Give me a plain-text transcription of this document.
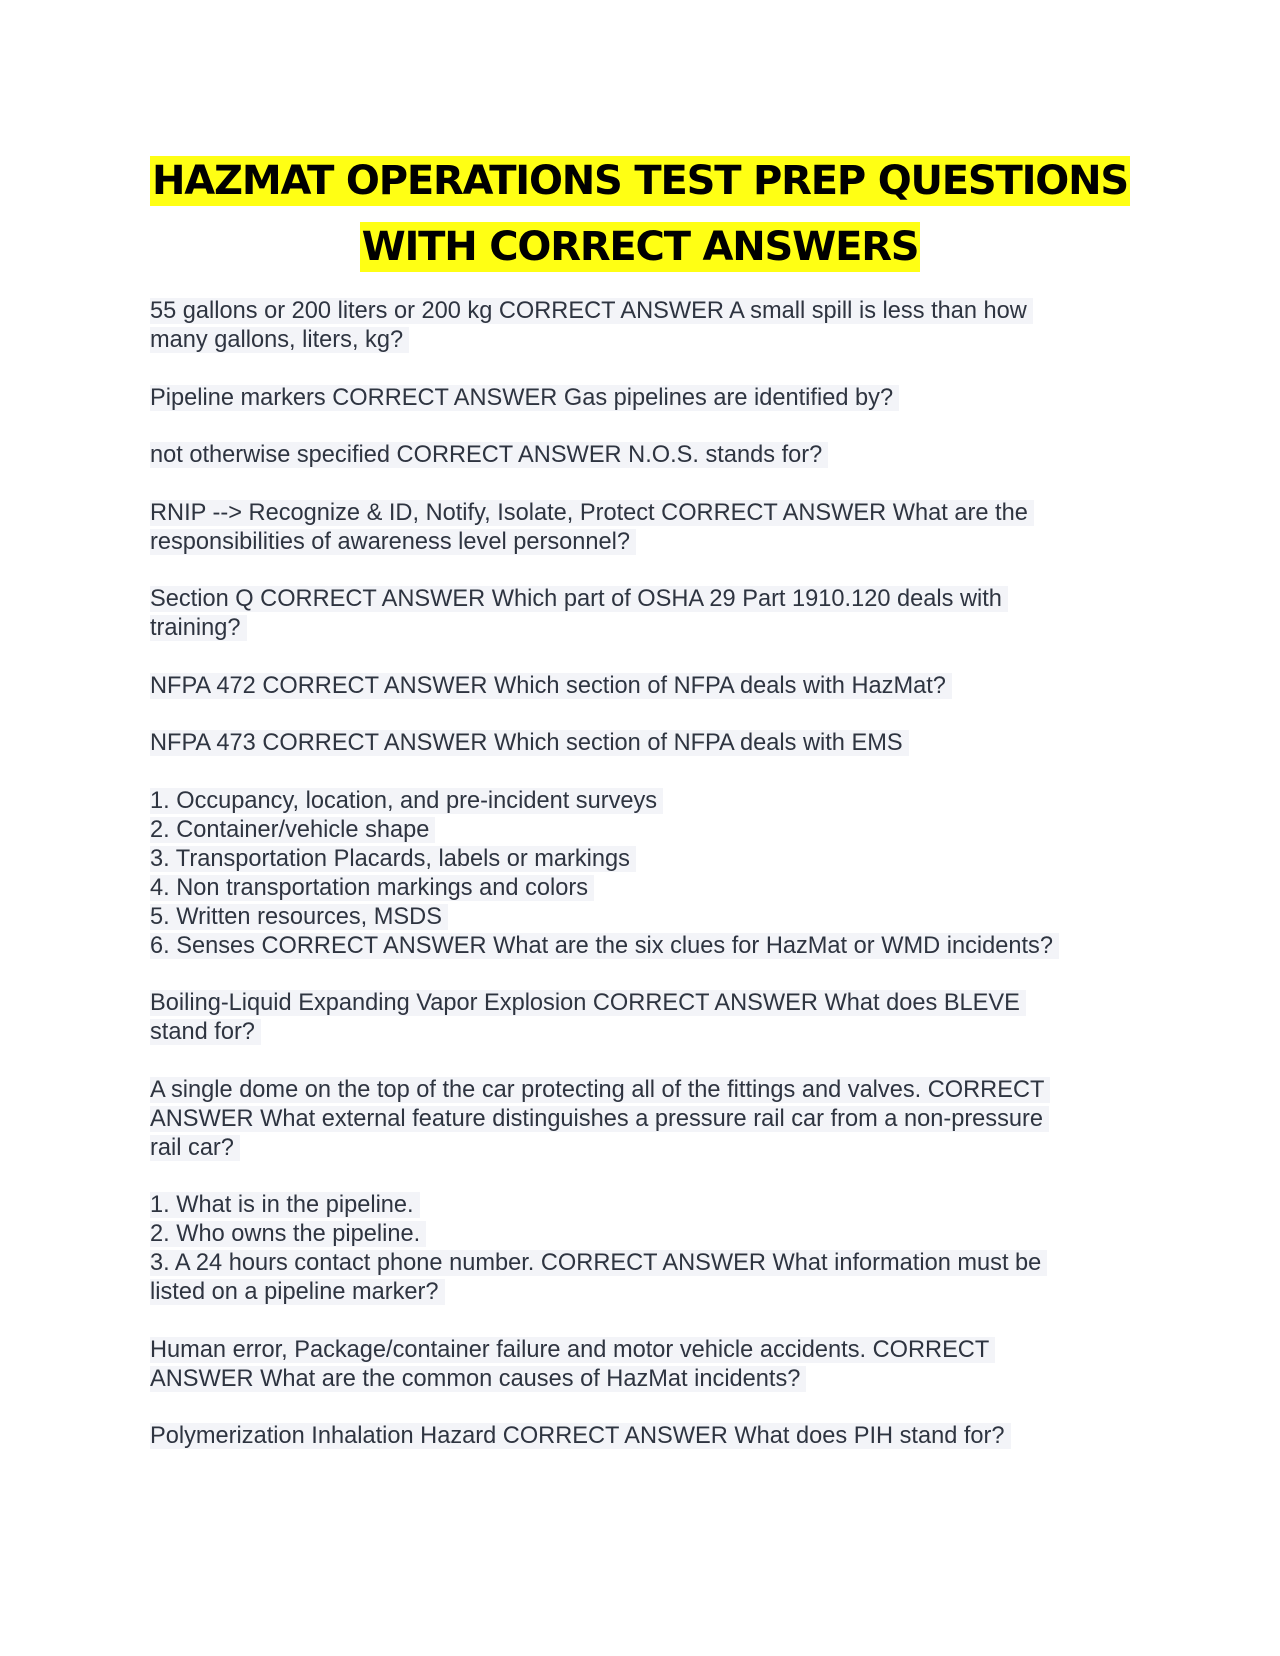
HAZMAT OPERATIONS TEST PREP QUESTIONS
WITH CORRECT ANSWERS
55 gallons or 200 liters or 200 kg CORRECT ANSWER A small spill is less than how
many gallons, liters, kg?
Pipeline markers CORRECT ANSWER Gas pipelines are identified by?
not otherwise specified CORRECT ANSWER N.O.S. stands for?
RNIP --> Recognize & ID, Notify, Isolate, Protect CORRECT ANSWER What are the
responsibilities of awareness level personnel?
Section Q CORRECT ANSWER Which part of OSHA 29 Part 1910.120 deals with
training?
NFPA 472 CORRECT ANSWER Which section of NFPA deals with HazMat?
NFPA 473 CORRECT ANSWER Which section of NFPA deals with EMS
1. Occupancy, location, and pre-incident surveys
2. Container/vehicle shape
3. Transportation Placards, labels or markings
4. Non transportation markings and colors
5. Written resources, MSDS
6. Senses CORRECT ANSWER What are the six clues for HazMat or WMD incidents?
Boiling-Liquid Expanding Vapor Explosion CORRECT ANSWER What does BLEVE
stand for?
A single dome on the top of the car protecting all of the fittings and valves. CORRECT
ANSWER What external feature distinguishes a pressure rail car from a non-pressure
rail car?
1. What is in the pipeline.
2. Who owns the pipeline.
3. A 24 hours contact phone number. CORRECT ANSWER What information must be
listed on a pipeline marker?
Human error, Package/container failure and motor vehicle accidents. CORRECT
ANSWER What are the common causes of HazMat incidents?
Polymerization Inhalation Hazard CORRECT ANSWER What does PIH stand for?
